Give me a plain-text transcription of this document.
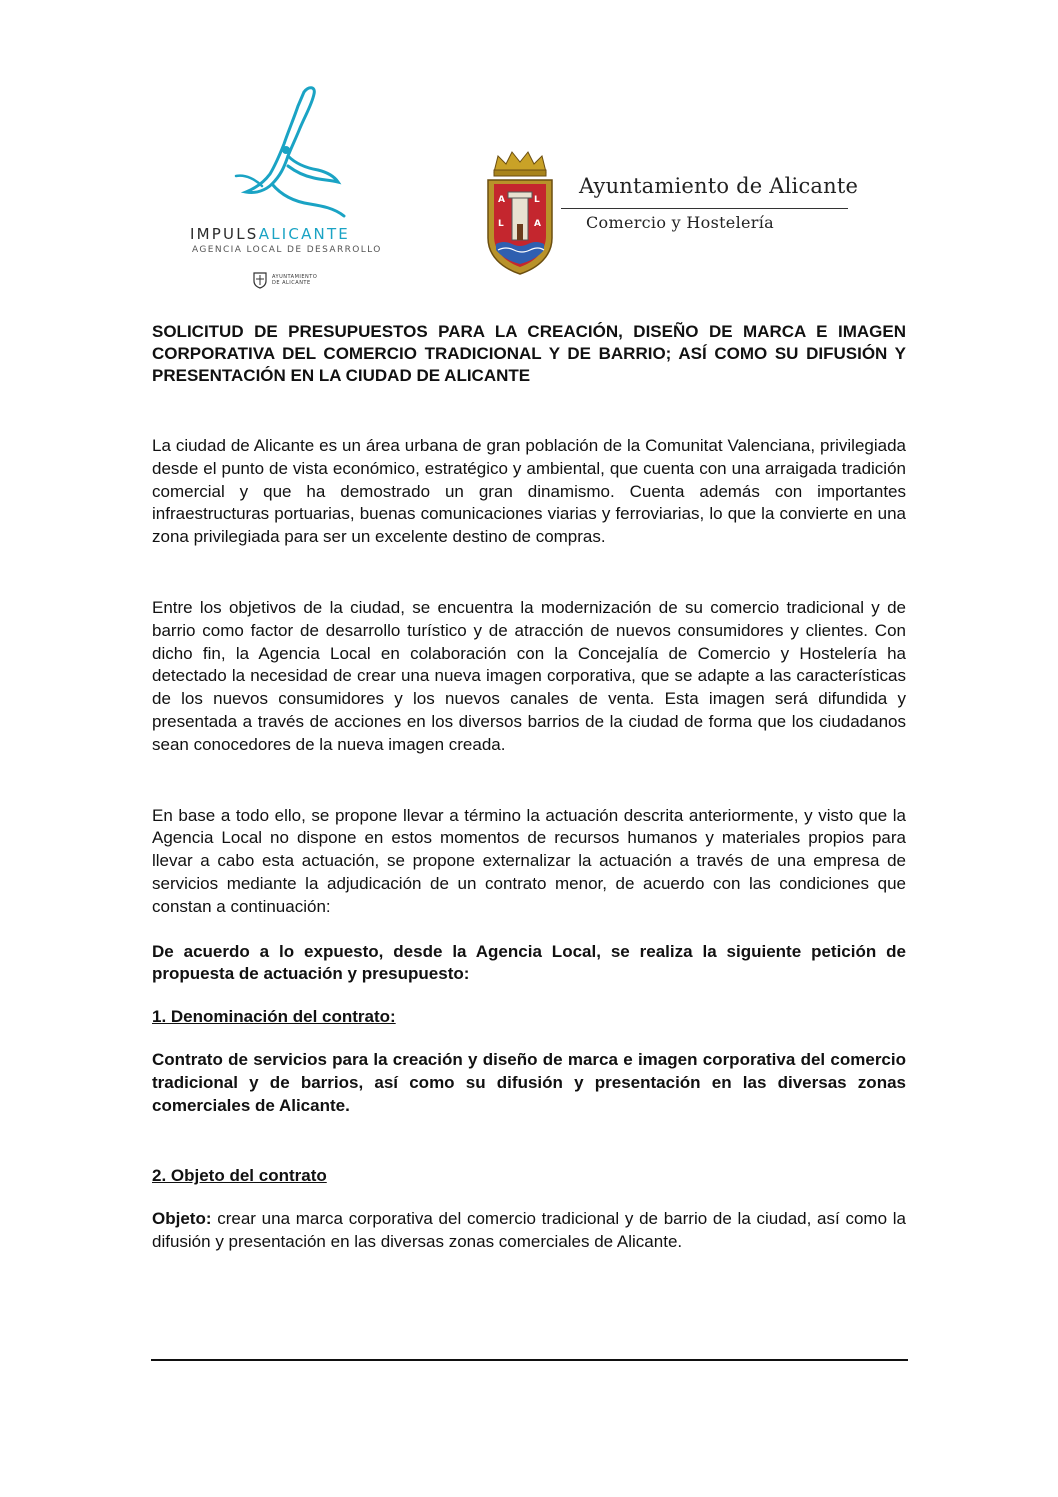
IMPULSALICANTE
AGENCIA LOCAL DE DESARROLLO
AYUNTAMIENTO
DE ALICANTE
A	L
L	A
Ayuntamiento de Alicante
Comercio y Hostelería
SOLICITUD DE PRESUPUESTOS PARA LA CREACIÓN, DISEÑO DE MARCA E IMAGEN CORPORATIVA DEL COMERCIO TRADICIONAL Y DE BARRIO; ASÍ COMO SU DIFUSIÓN Y PRESENTACIÓN EN LA CIUDAD DE ALICANTE

La ciudad de Alicante es un área urbana de gran población de la Comunitat Valenciana, privilegiada desde el punto de vista económico, estratégico y ambiental, que cuenta con una arraigada tradición comercial y que ha demostrado un gran dinamismo. Cuenta además con importantes infraestructuras portuarias, buenas comunicaciones viarias y ferroviarias, lo que la convierte en una zona privilegiada para ser un excelente destino de compras.

Entre los objetivos de la ciudad, se encuentra la modernización de su comercio tradicional y de barrio como factor de desarrollo turístico y de atracción de nuevos consumidores y clientes. Con dicho fin, la Agencia Local en colaboración con la Concejalía de Comercio y Hostelería ha detectado la necesidad de crear una nueva imagen corporativa, que se adapte a las características de los nuevos consumidores y los nuevos canales de venta. Esta imagen será difundida y presentada a través de acciones en los diversos barrios de la ciudad de forma que los ciudadanos sean conocedores de la nueva imagen creada.

En base a todo ello, se propone llevar a término la actuación descrita anteriormente, y visto que la Agencia Local no dispone en estos momentos de recursos humanos y materiales propios para llevar a cabo esta actuación, se propone externalizar la actuación a través de una empresa de servicios mediante la adjudicación de un contrato menor, de acuerdo con las condiciones que constan a continuación:

De acuerdo a lo expuesto, desde la Agencia Local, se realiza la siguiente petición de propuesta de actuación y presupuesto:

1. Denominación del contrato:

Contrato de servicios para la creación y diseño de marca e imagen corporativa del comercio tradicional y de barrios, así como su difusión y presentación en las diversas zonas comerciales de Alicante.

2. Objeto del contrato

Objeto: crear una marca corporativa del comercio tradicional y de barrio de la ciudad, así como la difusión y presentación en las diversas zonas comerciales de Alicante.
